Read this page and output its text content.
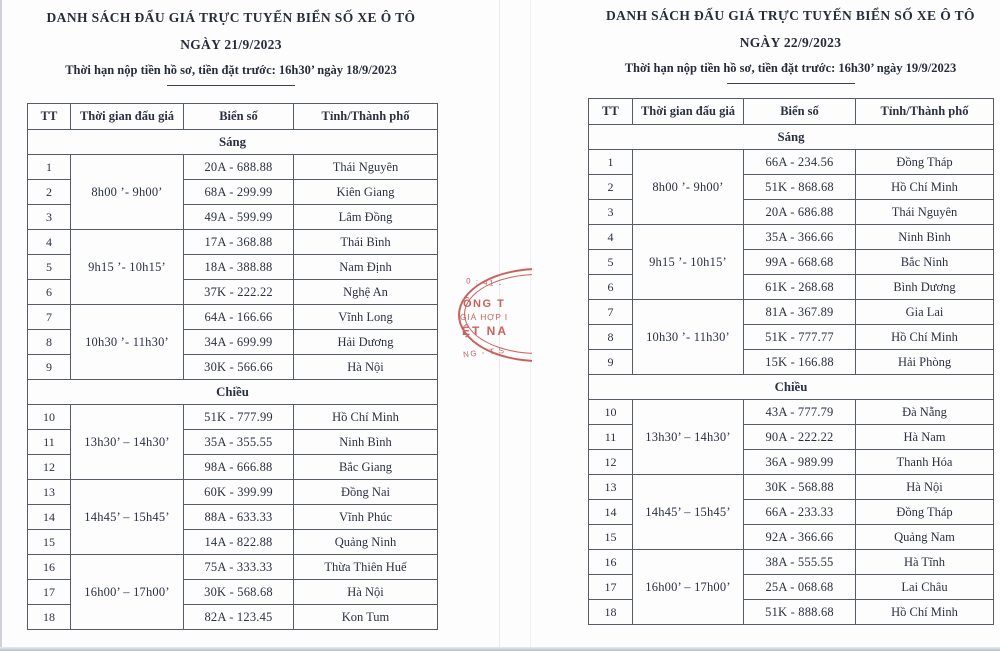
DANH SÁCH ĐẤU GIÁ TRỰC TUYẾN BIỂN SỐ XE Ô TÔ
NGÀY 21/9/2023
Thời hạn nộp tiền hồ sơ, tiền đặt trước: 16h30’ ngày 18/9/2023
TT	Thời gian đấu giá	Biển số	Tỉnh/Thành phố
Sáng			
1	8h00 ’- 9h00’	20A - 688.88	Thái Nguyên
2		68A - 299.99	Kiên Giang
3		49A - 599.99	Lâm Đồng
4	9h15 ’- 10h15’	17A - 368.88	Thái Bình
5		18A - 388.88	Nam Định
6		37K - 222.22	Nghệ An
7	10h30 ’- 11h30’	64A - 166.66	Vĩnh Long
8		34A - 699.99	Hải Dương
9		30K - 566.66	Hà Nội
Chiều			
10	13h30’ – 14h30’	51K - 777.99	Hồ Chí Minh
11		35A - 355.55	Ninh Bình
12		98A - 666.88	Bắc Giang
13	14h45’ – 15h45’	60K - 399.99	Đồng Nai
14		88A - 633.33	Vĩnh Phúc
15		14A - 822.88	Quảng Ninh
16	16h00’ – 17h00’	75A - 333.33	Thừa Thiên Huế
17		30K - 568.68	Hà Nội
18		82A - 123.45	Kon Tum
DANH SÁCH ĐẤU GIÁ TRỰC TUYẾN BIỂN SỐ XE Ô TÔ
NGÀY 22/9/2023
Thời hạn nộp tiền hồ sơ, tiền đặt trước: 16h30’ ngày 19/9/2023
TT	Thời gian đấu giá	Biển số	Tỉnh/Thành phố
Sáng			
1	8h00 ’- 9h00’	66A - 234.56	Đồng Tháp
2		51K - 868.68	Hồ Chí Minh
3		20A - 686.88	Thái Nguyên
4	9h15 ’- 10h15’	35A - 366.66	Ninh Bình
5		99A - 668.68	Bắc Ninh
6		61K - 268.68	Bình Dương
7	10h30 ’- 11h30’	81A - 367.89	Gia Lai
8		51K - 777.77	Hồ Chí Minh
9		15K - 166.88	Hải Phòng
Chiều			
10	13h30’ – 14h30’	43A - 777.79	Đà Nẵng
11		90A - 222.22	Hà Nam
12		36A - 989.99	Thanh Hóa
13	14h45’ – 15h45’	30K - 568.88	Hà Nội
14		66A - 233.33	Đồng Tháp
15		92A - 366.66	Quảng Nam
16	16h00’ – 17h00’	38A - 555.55	Hà Tĩnh
17		25A - 068.68	Lai Châu
18		51K - 888.68	Hồ Chí Minh
0 : 41 -
ÔNG T
GIÁ HỢP I
ỆT NA
NG - T.S
